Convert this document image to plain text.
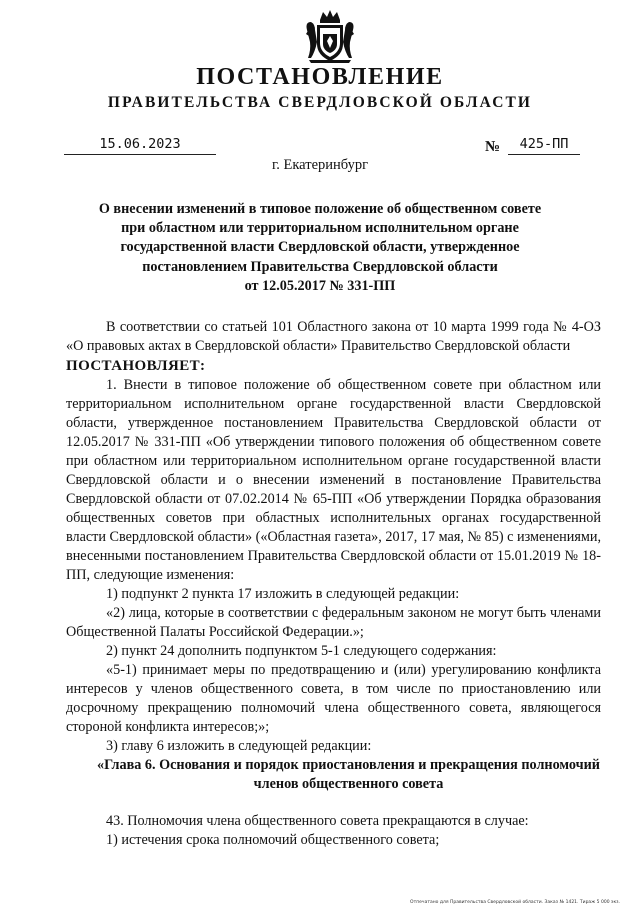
ПОСТАНОВЛЕНИЕ
ПРАВИТЕЛЬСТВА СВЕРДЛОВСКОЙ ОБЛАСТИ
15.06.2023	№	425-ПП
г. Екатеринбург
О внесении изменений в типовое положение об общественном совете
при областном или территориальном исполнительном органе
государственной власти Свердловской области, утвержденное
постановлением Правительства Свердловской области
от 12.05.2017 № 331-ПП

В соответствии со статьей 101 Областного закона от 10 марта 1999 года № 4-ОЗ «О правовых актах в Свердловской области» Правительство Свердловской области

ПОСТАНОВЛЯЕТ:

1. Внести в типовое положение об общественном совете при областном или территориальном исполнительном органе государственной власти Свердловской области, утвержденное постановлением Правительства Свердловской области от 12.05.2017 № 331-ПП «Об утверждении типового положения об общественном совете при областном или территориальном исполнительном органе государственной власти Свердловской области и о внесении изменений в постановление Правительства Свердловской области от 07.02.2014 № 65-ПП «Об утверждении Порядка образования общественных советов при областных исполнительных органах государственной власти Свердловской области» («Областная газета», 2017, 17 мая, № 85) с изменениями, внесенными постановлением Правительства Свердловской области от 15.01.2019 № 18-ПП, следующие изменения:

1) подпункт 2 пункта 17 изложить в следующей редакции:

«2) лица, которые в соответствии с федеральным законом не могут быть членами Общественной Палаты Российской Федерации.»;

2) пункт 24 дополнить подпунктом 5-1 следующего содержания:

«5-1) принимает меры по предотвращению и (или) урегулированию конфликта интересов у членов общественного совета, в том числе по приостановлению или досрочному прекращению полномочий члена общественного совета, являющегося стороной конфликта интересов;»;

3) главу 6 изложить в следующей редакции:

«Глава 6. Основания и порядок приостановления и прекращения полномочий членов общественного совета

43. Полномочия члена общественного совета прекращаются в случае:

1) истечения срока полномочий общественного совета;

Отпечатано для Правительства Свердловской области. Заказ № 1421. Тираж 5 000 экз.
